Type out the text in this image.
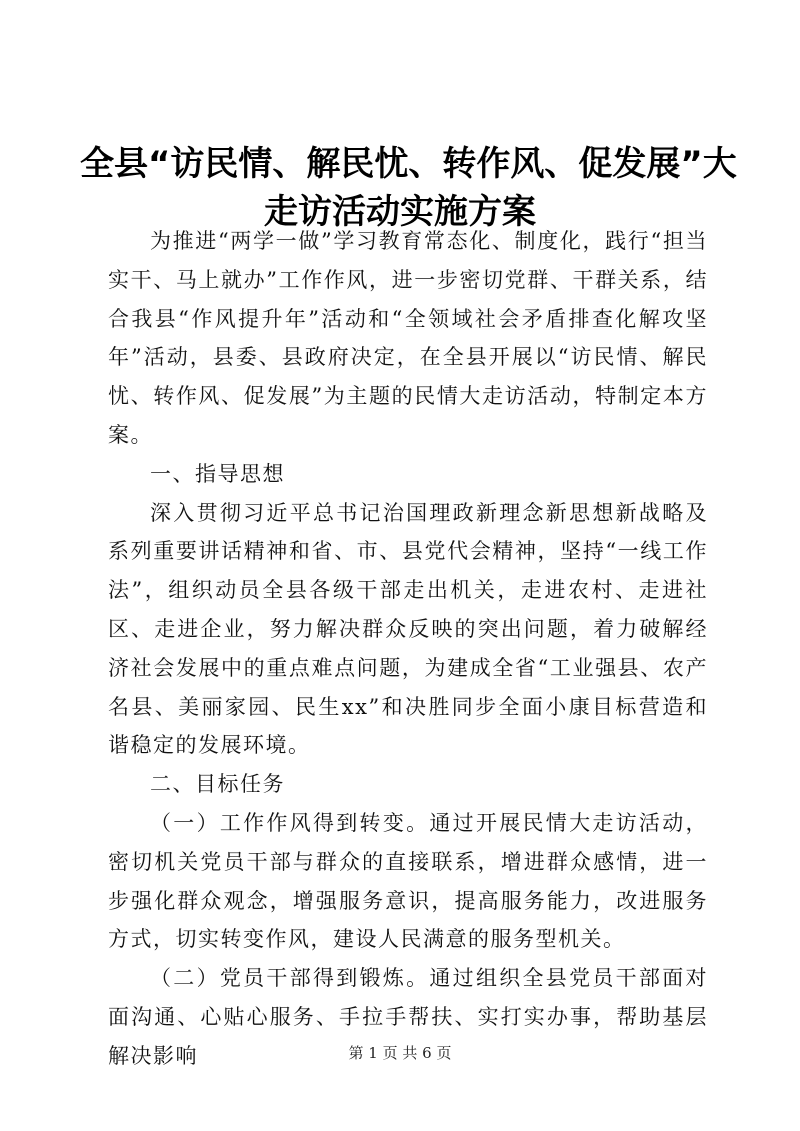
全县“访民情、解民忧、转作风、促发展”大
走访活动实施方案

为推进“两学一做”学习教育常态化、制度化，践行“担当实干、马上就办”工作作风，进一步密切党群、干群关系，结合我县“作风提升年”活动和“全领域社会矛盾排查化解攻坚年”活动，县委、县政府决定，在全县开展以“访民情、解民忧、转作风、促发展”为主题的民情大走访活动，特制定本方案。

一、指导思想

深入贯彻习近平总书记治国理政新理念新思想新战略及系列重要讲话精神和省、市、县党代会精神，坚持“一线工作法”，组织动员全县各级干部走出机关，走进农村、走进社区、走进企业，努力解决群众反映的突出问题，着力破解经济社会发展中的重点难点问题，为建成全省“工业强县、农产名县、美丽家园、民生xx”和决胜同步全面小康目标营造和谐稳定的发展环境。

二、目标任务

（一）工作作风得到转变。通过开展民情大走访活动，密切机关党员干部与群众的直接联系，增进群众感情，进一步强化群众观念，增强服务意识，提高服务能力，改进服务方式，切实转变作风，建设人民满意的服务型机关。

（二）党员干部得到锻炼。通过组织全县党员干部面对面沟通、心贴心服务、手拉手帮扶、实打实办事，帮助基层解决影响	第 1 页 共 6 页
